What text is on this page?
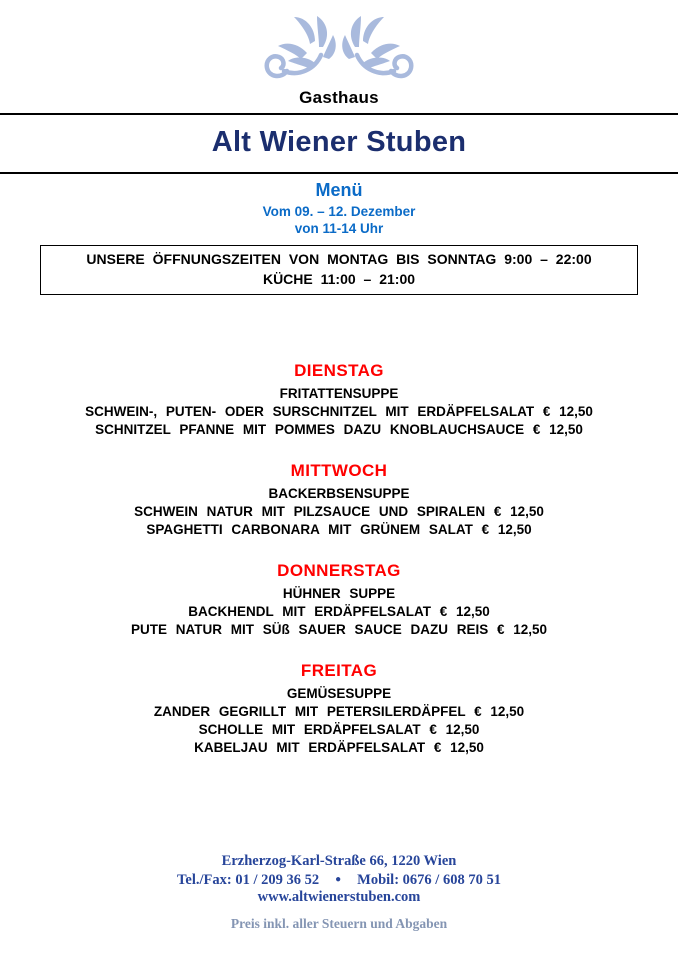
Gasthaus
Alt Wiener Stuben
Menü
Vom 09. – 12. Dezember
von 11-14 Uhr
UNSERE ÖFFNUNGSZEITEN VON MONTAG BIS SONNTAG 9:00 – 22:00
KÜCHE 11:00 – 21:00
DIENSTAG

FRITATTENSUPPE

SCHWEIN-, PUTEN- ODER SURSCHNITZEL MIT ERDÄPFELSALAT € 12,50

SCHNITZEL PFANNE MIT POMMES DAZU KNOBLAUCHSAUCE € 12,50

MITTWOCH

BACKERBSENSUPPE

SCHWEIN NATUR MIT PILZSAUCE UND SPIRALEN € 12,50

SPAGHETTI CARBONARA MIT GRÜNEM SALAT € 12,50

DONNERSTAG

HÜHNER SUPPE

BACKHENDL MIT ERDÄPFELSALAT € 12,50

PUTE NATUR MIT SÜß SAUER SAUCE DAZU REIS € 12,50

FREITAG

GEMÜSESUPPE

ZANDER GEGRILLT MIT PETERSILERDÄPFEL € 12,50

SCHOLLE MIT ERDÄPFELSALAT € 12,50

KABELJAU MIT ERDÄPFELSALAT € 12,50

Erzherzog-Karl-Straße 66, 1220 Wien
Tel./Fax: 01 / 209 36 52 ● Mobil: 0676 / 608 70 51
www.altwienerstuben.com
Preis inkl. aller Steuern und Abgaben
